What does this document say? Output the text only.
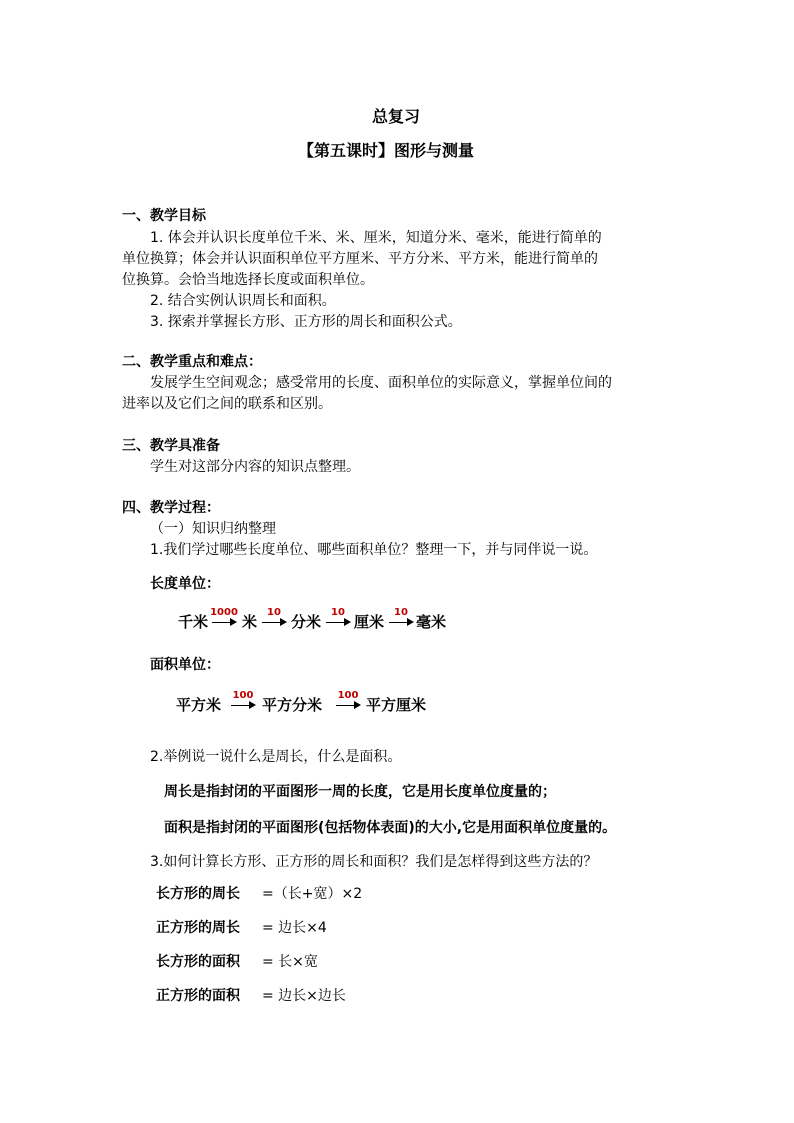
总复习
【第五课时】图形与测量
一、教学目标
1. 体会并认识长度单位千米、米、厘米，知道分米、毫米，能进行简单的
单位换算；体会并认识面积单位平方厘米、平方分米、平方米，能进行简单的
位换算。会恰当地选择长度或面积单位。
2. 结合实例认识周长和面积。
3. 探索并掌握长方形、正方形的周长和面积公式。
二、教学重点和难点：
发展学生空间观念；感受常用的长度、面积单位的实际意义，掌握单位间的
进率以及它们之间的联系和区别。
三、教学具准备
学生对这部分内容的知识点整理。
四、教学过程：
（一）知识归纳整理
1.我们学过哪些长度单位、哪些面积单位？整理一下，并与同伴说一说。
长度单位：
千米
1000
米
10
分米
10
厘米
10
毫米
面积单位：
平方米
100
平方分米
100
平方厘米
2.举例说一说什么是周长，什么是面积。
周长是指封闭的平面图形一周的长度，它是用长度单位度量的；
面积是指封闭的平面图形(包括物体表面)的大小,它是用面积单位度量的。
3.如何计算长方形、正方形的周长和面积？我们是怎样得到这些方法的？
长方形的周长 =（长+宽）×2
正方形的周长 = 边长×4
长方形的面积 = 长×宽
正方形的面积 = 边长×边长
